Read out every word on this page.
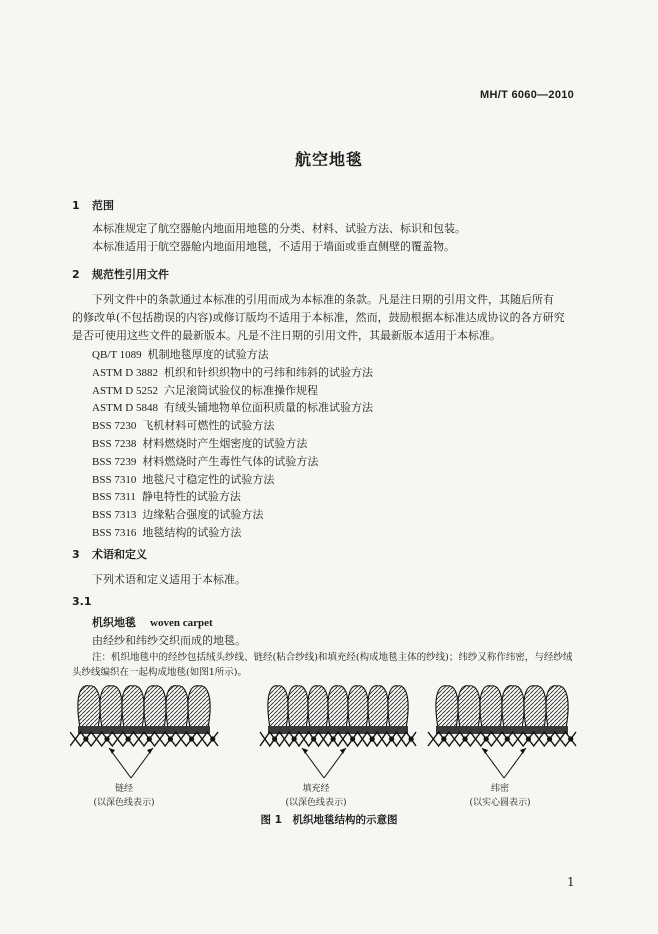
MH/T 6060—2010
航空地毯
1 范围
本标准规定了航空器舱内地面用地毯的分类、材料、试验方法、标识和包装。
本标准适用于航空器舱内地面用地毯，不适用于墙面或垂直侧壁的覆盖物。
2 规范性引用文件
下列文件中的条款通过本标准的引用而成为本标准的条款。凡是注日期的引用文件，其随后所有
的修改单(不包括勘误的内容)或修订版均不适用于本标准，然而，鼓励根据本标准达成协议的各方研究
是否可使用这些文件的最新版本。凡是不注日期的引用文件，其最新版本适用于本标准。
QB/T 1089 机制地毯厚度的试验方法
ASTM D 3882 机织和针织织物中的弓纬和纬斜的试验方法
ASTM D 5252 六足滚筒试验仪的标准操作规程
ASTM D 5848 有绒头铺地物单位面积质量的标准试验方法
BSS 7230 飞机材料可燃性的试验方法
BSS 7238 材料燃烧时产生烟密度的试验方法
BSS 7239 材料燃烧时产生毒性气体的试验方法
BSS 7310 地毯尺寸稳定性的试验方法
BSS 7311 静电特性的试验方法
BSS 7313 边缘粘合强度的试验方法
BSS 7316 地毯结构的试验方法
3 术语和定义
下列术语和定义适用于本标准。
3.1
机织地毯 woven carpet
由经纱和纬纱交织而成的地毯。
注：机织地毯中的经纱包括绒头纱线、链经(粘合纱线)和填充经(构成地毯主体的纱线)；纬纱又称作纬密，与经纱绒
头纱线编织在一起构成地毯(如图1所示)。
链经
(以深色线表示)
填充经
(以深色线表示)
纬密
(以实心圆表示)
图 1　机织地毯结构的示意图
1
